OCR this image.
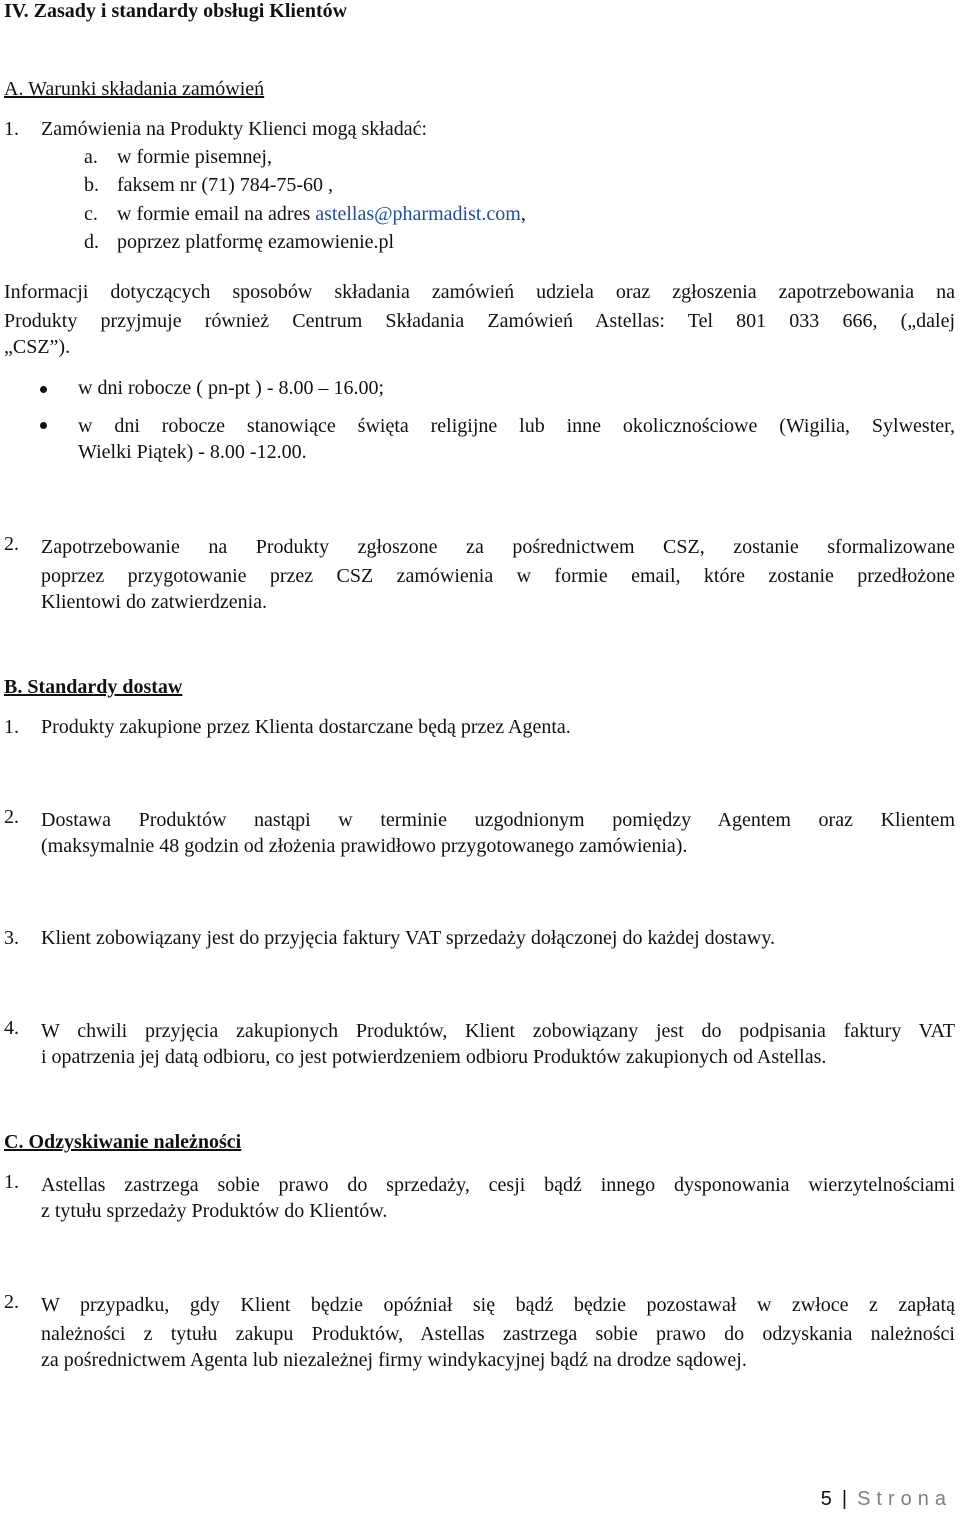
IV. Zasady i standardy obsługi Klientów
A. Warunki składania zamówień
1. Zamówienia na Produkty Klienci mogą składać:
a. w formie pisemnej,
b. faksem nr (71) 784-75-60 ,
c. w formie email na adres astellas@pharmadist.com,
d. poprzez platformę ezamowienie.pl
Informacji dotyczących sposobów składania zamówień udziela oraz zgłoszenia zapotrzebowania na
Produkty przyjmuje również Centrum Składania Zamówień Astellas: Tel 801 033 666, („dalej
„CSZ”).
w dni robocze ( pn-pt ) - 8.00 – 16.00;
w dni robocze stanowiące święta religijne lub inne okolicznościowe (Wigilia, Sylwester,
Wielki Piątek) - 8.00 -12.00.
2. Zapotrzebowanie na Produkty zgłoszone za pośrednictwem CSZ, zostanie sformalizowane
poprzez przygotowanie przez CSZ zamówienia w formie email, które zostanie przedłożone
Klientowi do zatwierdzenia.
B. Standardy dostaw
1. Produkty zakupione przez Klienta dostarczane będą przez Agenta.
2. Dostawa Produktów nastąpi w terminie uzgodnionym pomiędzy Agentem oraz Klientem
(maksymalnie 48 godzin od złożenia prawidłowo przygotowanego zamówienia).
3. Klient zobowiązany jest do przyjęcia faktury VAT sprzedaży dołączonej do każdej dostawy.
4. W chwili przyjęcia zakupionych Produktów, Klient zobowiązany jest do podpisania faktury VAT
i opatrzenia jej datą odbioru, co jest potwierdzeniem odbioru Produktów zakupionych od Astellas.
C. Odzyskiwanie należności
1. Astellas zastrzega sobie prawo do sprzedaży, cesji bądź innego dysponowania wierzytelnościami
z tytułu sprzedaży Produktów do Klientów.
2. W przypadku, gdy Klient będzie opóźniał się bądź będzie pozostawał w zwłoce z zapłatą
należności z tytułu zakupu Produktów, Astellas zastrzega sobie prawo do odzyskania należności
za pośrednictwem Agenta lub niezależnej firmy windykacyjnej bądź na drodze sądowej.
5 | Strona
